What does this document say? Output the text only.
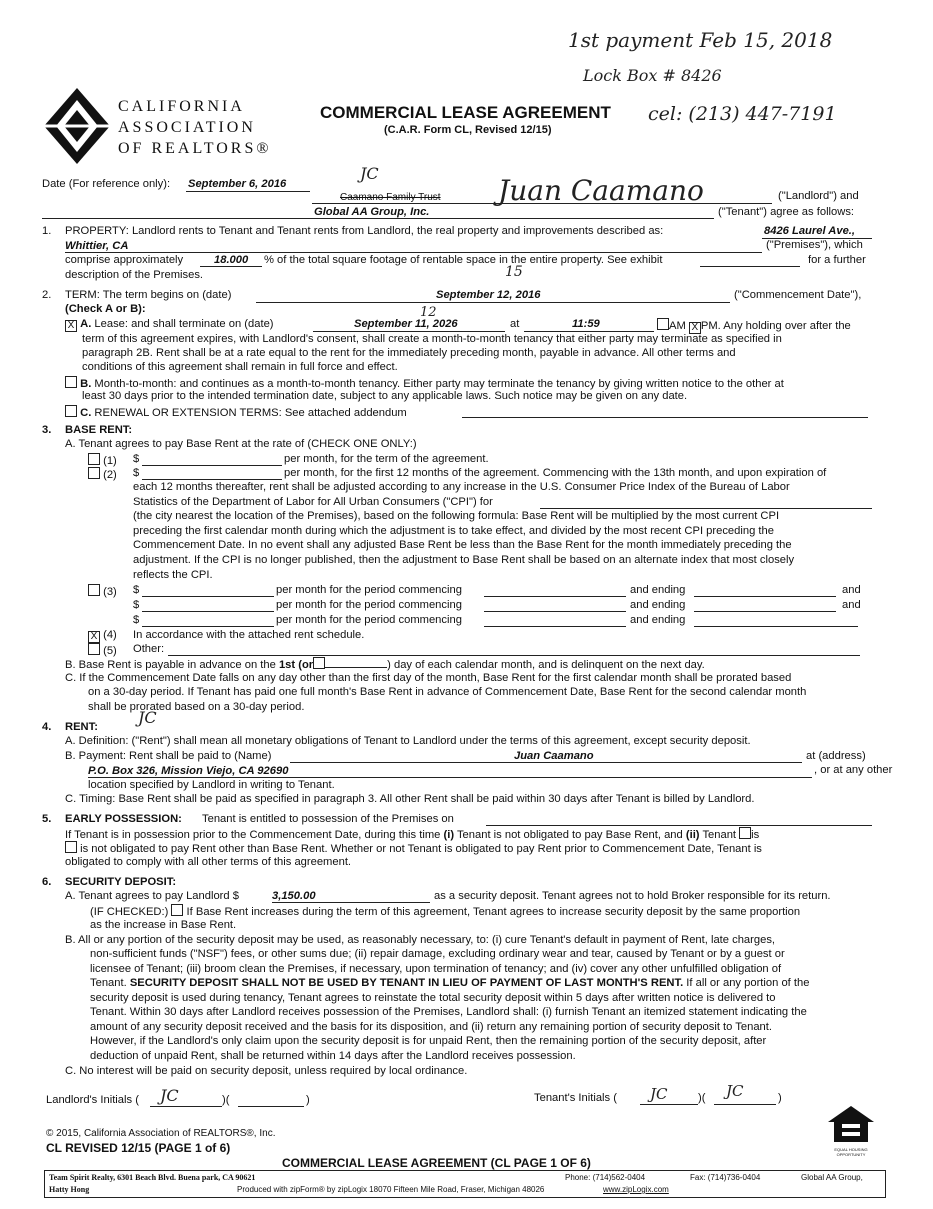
1st payment Feb 15, 2018
Lock Box # 8426
cel: (213) 447-7191
CALIFORNIA
ASSOCIATION
OF REALTORS®
COMMERCIAL LEASE AGREEMENT
(C.A.R. Form CL, Revised 12/15)
Date (For reference only): September 6, 2016
JC
Caamano Family Trust Juan Caamano	("Landlord") and
Global AA Group, Inc.	("Tenant") agree as follows:
1. PROPERTY: Landlord rents to Tenant and Tenant rents from Landlord, the real property and improvements described as:	8426 Laurel Ave.,
Whittier, CA	("Premises"), which
comprise approximately	18.000 % of the total square footage of rentable space in the entire property. See exhibit	for a further
description of the Premises.	15
2. TERM: The term begins on (date)	September 12, 2016	("Commencement Date"),
(Check A or B):	12
X A. Lease: and shall terminate on (date)	September 11, 2026	at	11:59	AM X PM. Any holding over after the
term of this agreement expires, with Landlord's consent, shall create a month-to-month tenancy that either party may terminate as specified in
paragraph 2B. Rent shall be at a rate equal to the rent for the immediately preceding month, payable in advance. All other terms and
conditions of this agreement shall remain in full force and effect.
B. Month-to-month: and continues as a month-to-month tenancy. Either party may terminate the tenancy by giving written notice to the other at
least 30 days prior to the intended termination date, subject to any applicable laws. Such notice may be given on any date.
C. RENEWAL OR EXTENSION TERMS: See attached addendum
3. BASE RENT:
A. Tenant agrees to pay Base Rent at the rate of (CHECK ONE ONLY:)
(1) $	per month, for the term of the agreement.
(2) $	per month, for the first 12 months of the agreement. Commencing with the 13th month, and upon expiration of
each 12 months thereafter, rent shall be adjusted according to any increase in the U.S. Consumer Price Index of the Bureau of Labor
Statistics of the Department of Labor for All Urban Consumers ("CPI") for
(the city nearest the location of the Premises), based on the following formula: Base Rent will be multiplied by the most current CPI
preceding the first calendar month during which the adjustment is to take effect, and divided by the most recent CPI preceding the
Commencement Date. In no event shall any adjusted Base Rent be less than the Base Rent for the month immediately preceding the
adjustment. If the CPI is no longer published, then the adjustment to Base Rent shall be based on an alternate index that most closely
reflects the CPI.
(3) $	per month for the period commencing	and ending	and
$	per month for the period commencing	and ending	and
$	per month for the period commencing	and ending
X (4) In accordance with the attached rent schedule.
(5) Other:
B. Base Rent is payable in advance on the 1st (or	) day of each calendar month, and is delinquent on the next day.
C. If the Commencement Date falls on any day other than the first day of the month, Base Rent for the first calendar month shall be prorated based
on a 30-day period. If Tenant has paid one full month's Base Rent in advance of Commencement Date, Base Rent for the second calendar month
shall be prorated based on a 30-day period.
4. RENT:	JC
A. Definition: ("Rent") shall mean all monetary obligations of Tenant to Landlord under the terms of this agreement, except security deposit.
B. Payment: Rent shall be paid to (Name)	Juan Caamano	at (address)
P.O. Box 326, Mission Viejo, CA 92690	, or at any other
location specified by Landlord in writing to Tenant.
C. Timing: Base Rent shall be paid as specified in paragraph 3. All other Rent shall be paid within 30 days after Tenant is billed by Landlord.
5. EARLY POSSESSION: Tenant is entitled to possession of the Premises on
If Tenant is in possession prior to the Commencement Date, during this time (i) Tenant is not obligated to pay Base Rent, and (ii) Tenant is
is not obligated to pay Rent other than Base Rent. Whether or not Tenant is obligated to pay Rent prior to Commencement Date, Tenant is
obligated to comply with all other terms of this agreement.
6. SECURITY DEPOSIT:
A. Tenant agrees to pay Landlord $	3,150.00	as a security deposit. Tenant agrees not to hold Broker responsible for its return.
(IF CHECKED:) If Base Rent increases during the term of this agreement, Tenant agrees to increase security deposit by the same proportion
as the increase in Base Rent.
B. All or any portion of the security deposit may be used, as reasonably necessary, to: (i) cure Tenant's default in payment of Rent, late charges,
non-sufficient funds ("NSF") fees, or other sums due; (ii) repair damage, excluding ordinary wear and tear, caused by Tenant or by a guest or
licensee of Tenant; (iii) broom clean the Premises, if necessary, upon termination of tenancy; and (iv) cover any other unfulfilled obligation of
Tenant. SECURITY DEPOSIT SHALL NOT BE USED BY TENANT IN LIEU OF PAYMENT OF LAST MONTH'S RENT. If all or any portion of the
security deposit is used during tenancy, Tenant agrees to reinstate the total security deposit within 5 days after written notice is delivered to
Tenant. Within 30 days after Landlord receives possession of the Premises, Landlord shall: (i) furnish Tenant an itemized statement indicating the
amount of any security deposit received and the basis for its disposition, and (ii) return any remaining portion of security deposit to Tenant.
However, if the Landlord's only claim upon the security deposit is for unpaid Rent, then the remaining portion of the security deposit, after
deduction of unpaid Rent, shall be returned within 14 days after the Landlord receives possession.
C. No interest will be paid on security deposit, unless required by local ordinance.
Landlord's Initials ( JC	)(	)	Tenant's Initials ( JC	)( JC	)
EQUAL HOUSING OPPORTUNITY
© 2015, California Association of REALTORS®, Inc.
CL REVISED 12/15 (PAGE 1 of 6)
COMMERCIAL LEASE AGREEMENT (CL PAGE 1 OF 6)
Team Spirit Realty, 6301 Beach Blvd. Buena park, CA 90621	Phone: (714)562-0404	Fax: (714)736-0404	Global AA Group,
Hatty Hong	Produced with zipForm® by zipLogix 18070 Fifteen Mile Road, Fraser, Michigan 48026	www.zipLogix.com
